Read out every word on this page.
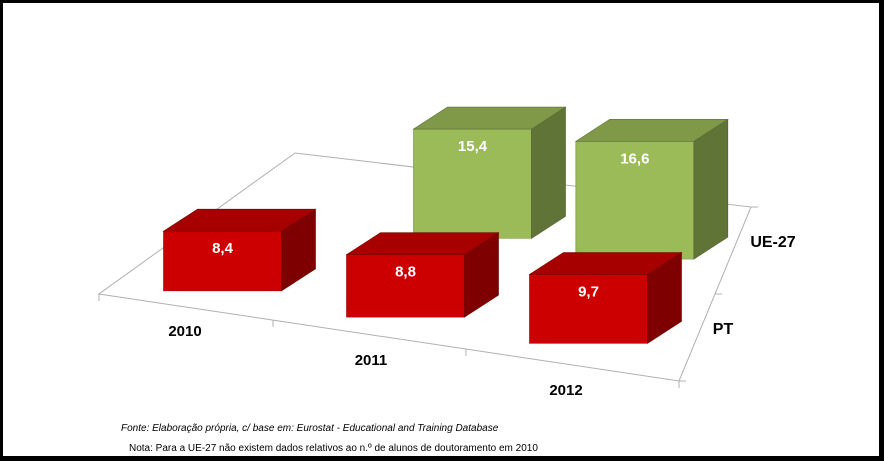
15,4
16,6
8,4
8,8
9,7
2010
2011
2012
PT
UE-27
Fonte: Elaboração própria, c/ base em: Eurostat - Educational and Training Database
Nota: Para a UE-27 não existem dados relativos ao n.º de alunos de doutoramento em 2010
